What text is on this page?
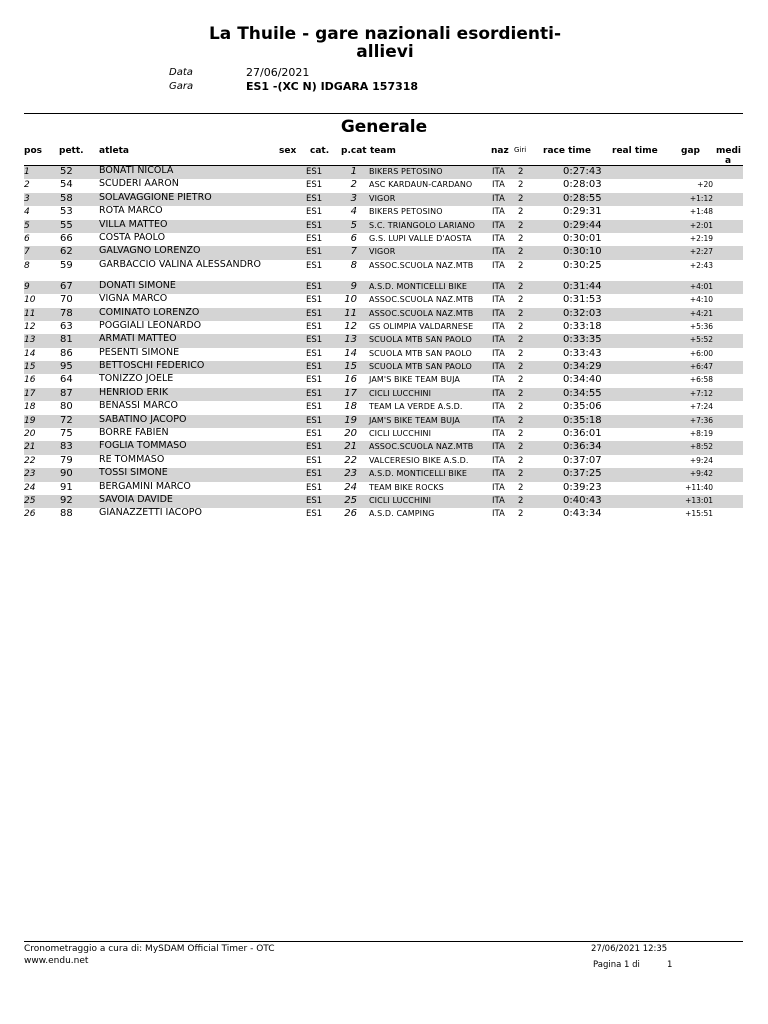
La Thuile - gare nazionali esordienti-
allievi
Data	27/06/2021
Gara	ES1 -(XC N) IDGARA 157318
Generale
pos pett. atleta	sex cat. p.cat team	naz Giri race time real time	gap medi
a
1	52	BONATI NICOLA	ES1	1 BIKERS PETOSINO	ITA 2	0:27:43
2	54	SCUDERI AARON	ES1	2 ASC KARDAUN-CARDANO ITA 2	0:28:03	+20
3	58	SOLAVAGGIONE PIETRO	ES1	3 VIGOR	ITA 2	0:28:55	+1:12
4	53	ROTA MARCO	ES1	4 BIKERS PETOSINO	ITA 2	0:29:31	+1:48
5	55	VILLA MATTEO	ES1	5 S.C. TRIANGOLO LARIANO ITA 2	0:29:44	+2:01
6	66	COSTA PAOLO	ES1	6 G.S. LUPI VALLE D'AOSTA ITA 2	0:30:01	+2:19
7	62	GALVAGNO LORENZO	ES1	7 VIGOR	ITA 2	0:30:10	+2:27
8	59	GARBACCIO VALINA ALESSANDRO	ES1	8 ASSOC.SCUOLA NAZ.MTB ITA 2	0:30:25	+2:43
9	67	DONATI SIMONE	ES1	9 A.S.D. MONTICELLI BIKE	ITA 2	0:31:44	+4:01
10 70	VIGNA MARCO	ES1	10 ASSOC.SCUOLA NAZ.MTB ITA 2	0:31:53	+4:10
11 78	COMINATO LORENZO	ES1	11 ASSOC.SCUOLA NAZ.MTB ITA 2	0:32:03	+4:21
12 63	POGGIALI LEONARDO	ES1	12 GS OLIMPIA VALDARNESE ITA 2	0:33:18	+5:36
13 81	ARMATI MATTEO	ES1	13 SCUOLA MTB SAN PAOLO ITA 2	0:33:35	+5:52
14 86	PESENTI SIMONE	ES1	14 SCUOLA MTB SAN PAOLO ITA 2	0:33:43	+6:00
15 95	BETTOSCHI FEDERICO	ES1	15 SCUOLA MTB SAN PAOLO ITA 2	0:34:29	+6:47
16 64	TONIZZO JOELE	ES1	16 JAM'S BIKE TEAM BUJA	ITA 2	0:34:40	+6:58
17 87	HENRIOD ERIK	ES1	17 CICLI LUCCHINI	ITA 2	0:34:55	+7:12
18 80	BENASSI MARCO	ES1	18 TEAM LA VERDE A.S.D.	ITA 2	0:35:06	+7:24
19 72	SABATINO JACOPO	ES1	19 JAM'S BIKE TEAM BUJA	ITA 2	0:35:18	+7:36
20 75	BORRE FABIEN	ES1	20 CICLI LUCCHINI	ITA 2	0:36:01	+8:19
21 83	FOGLIA TOMMASO	ES1	21 ASSOC.SCUOLA NAZ.MTB ITA 2	0:36:34	+8:52
22 79	RE TOMMASO	ES1	22 VALCERESIO BIKE A.S.D.	ITA 2	0:37:07	+9:24
23 90	TOSSI SIMONE	ES1	23 A.S.D. MONTICELLI BIKE	ITA 2	0:37:25	+9:42
24 91	BERGAMINI MARCO	ES1	24 TEAM BIKE ROCKS	ITA 2	0:39:23	+11:40
25 92	SAVOIA DAVIDE	ES1	25 CICLI LUCCHINI	ITA 2	0:40:43	+13:01
26 88	GIANAZZETTI IACOPO	ES1	26 A.S.D. CAMPING	ITA 2	0:43:34	+15:51
Cronometraggio a cura di: MySDAM Official Timer - OTC
www.endu.net
27/06/2021 12:35
Pagina 1 di	1
